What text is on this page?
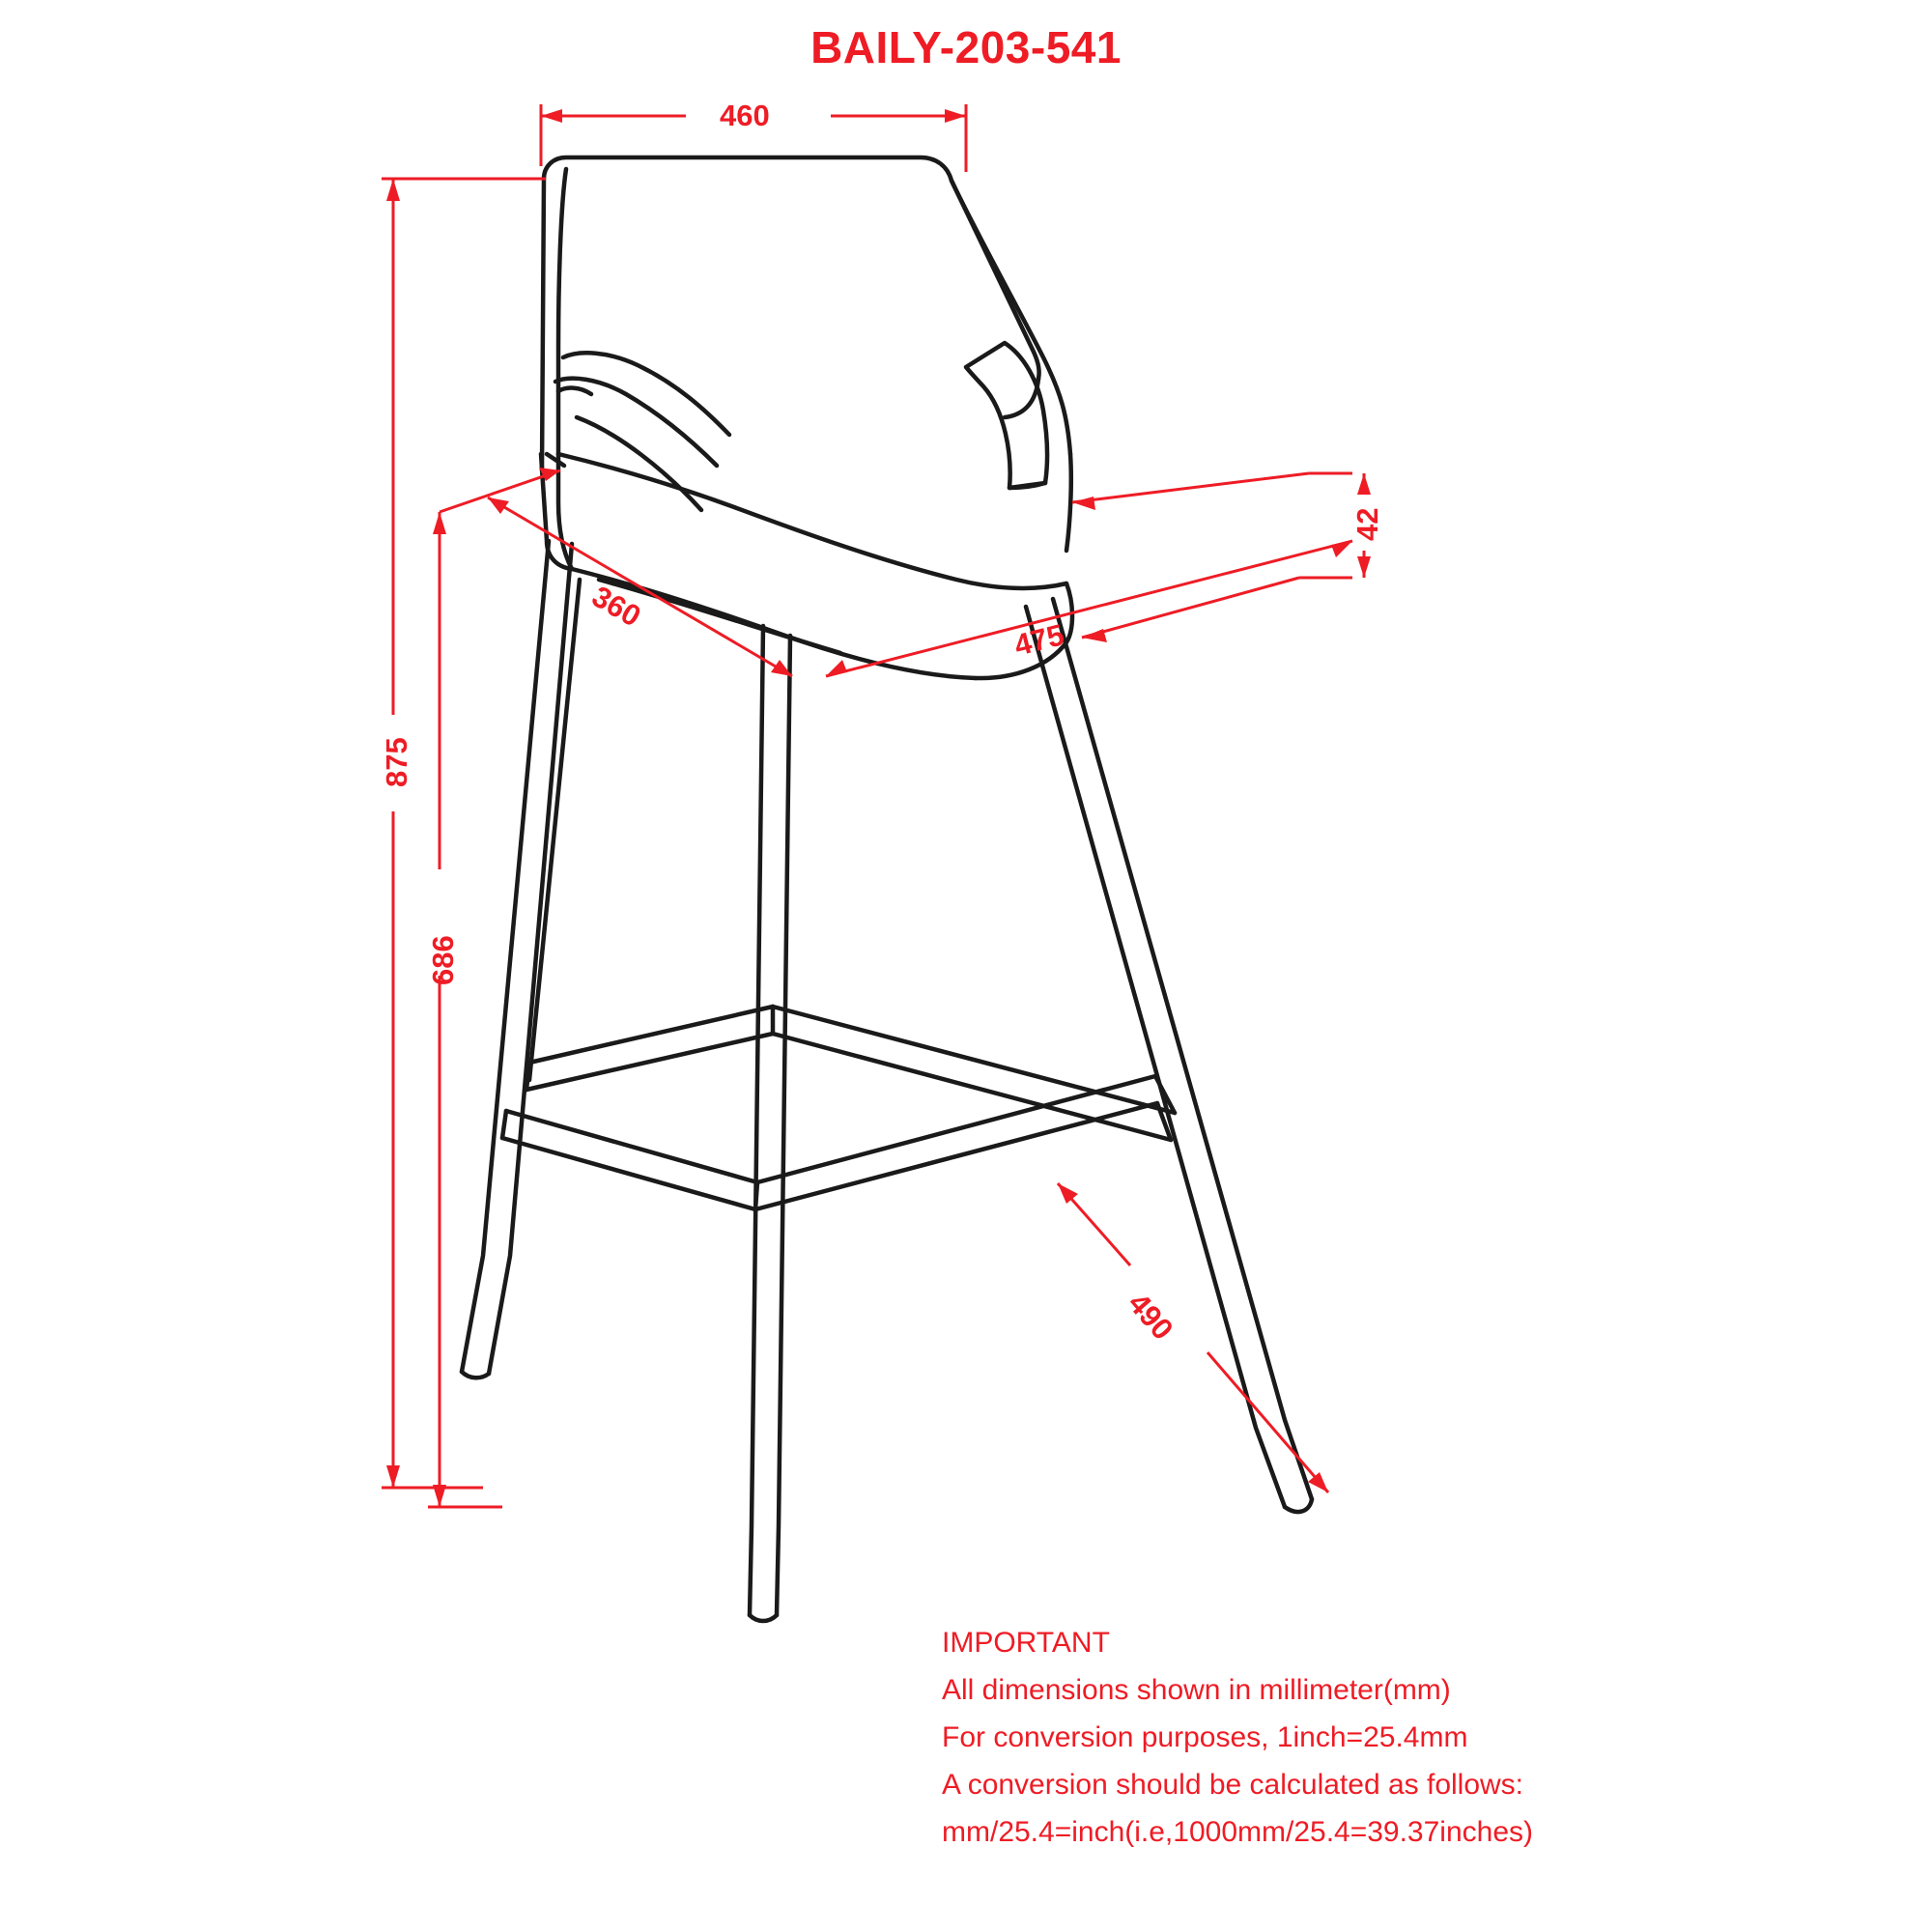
BAILY-203-541
460
875
686
360
475
42
490
IMPORTANT
All dimensions shown in millimeter(mm)
For conversion purposes, 1inch=25.4mm
A conversion should be calculated as follows:
mm/25.4=inch(i.e,1000mm/25.4=39.37inches)
